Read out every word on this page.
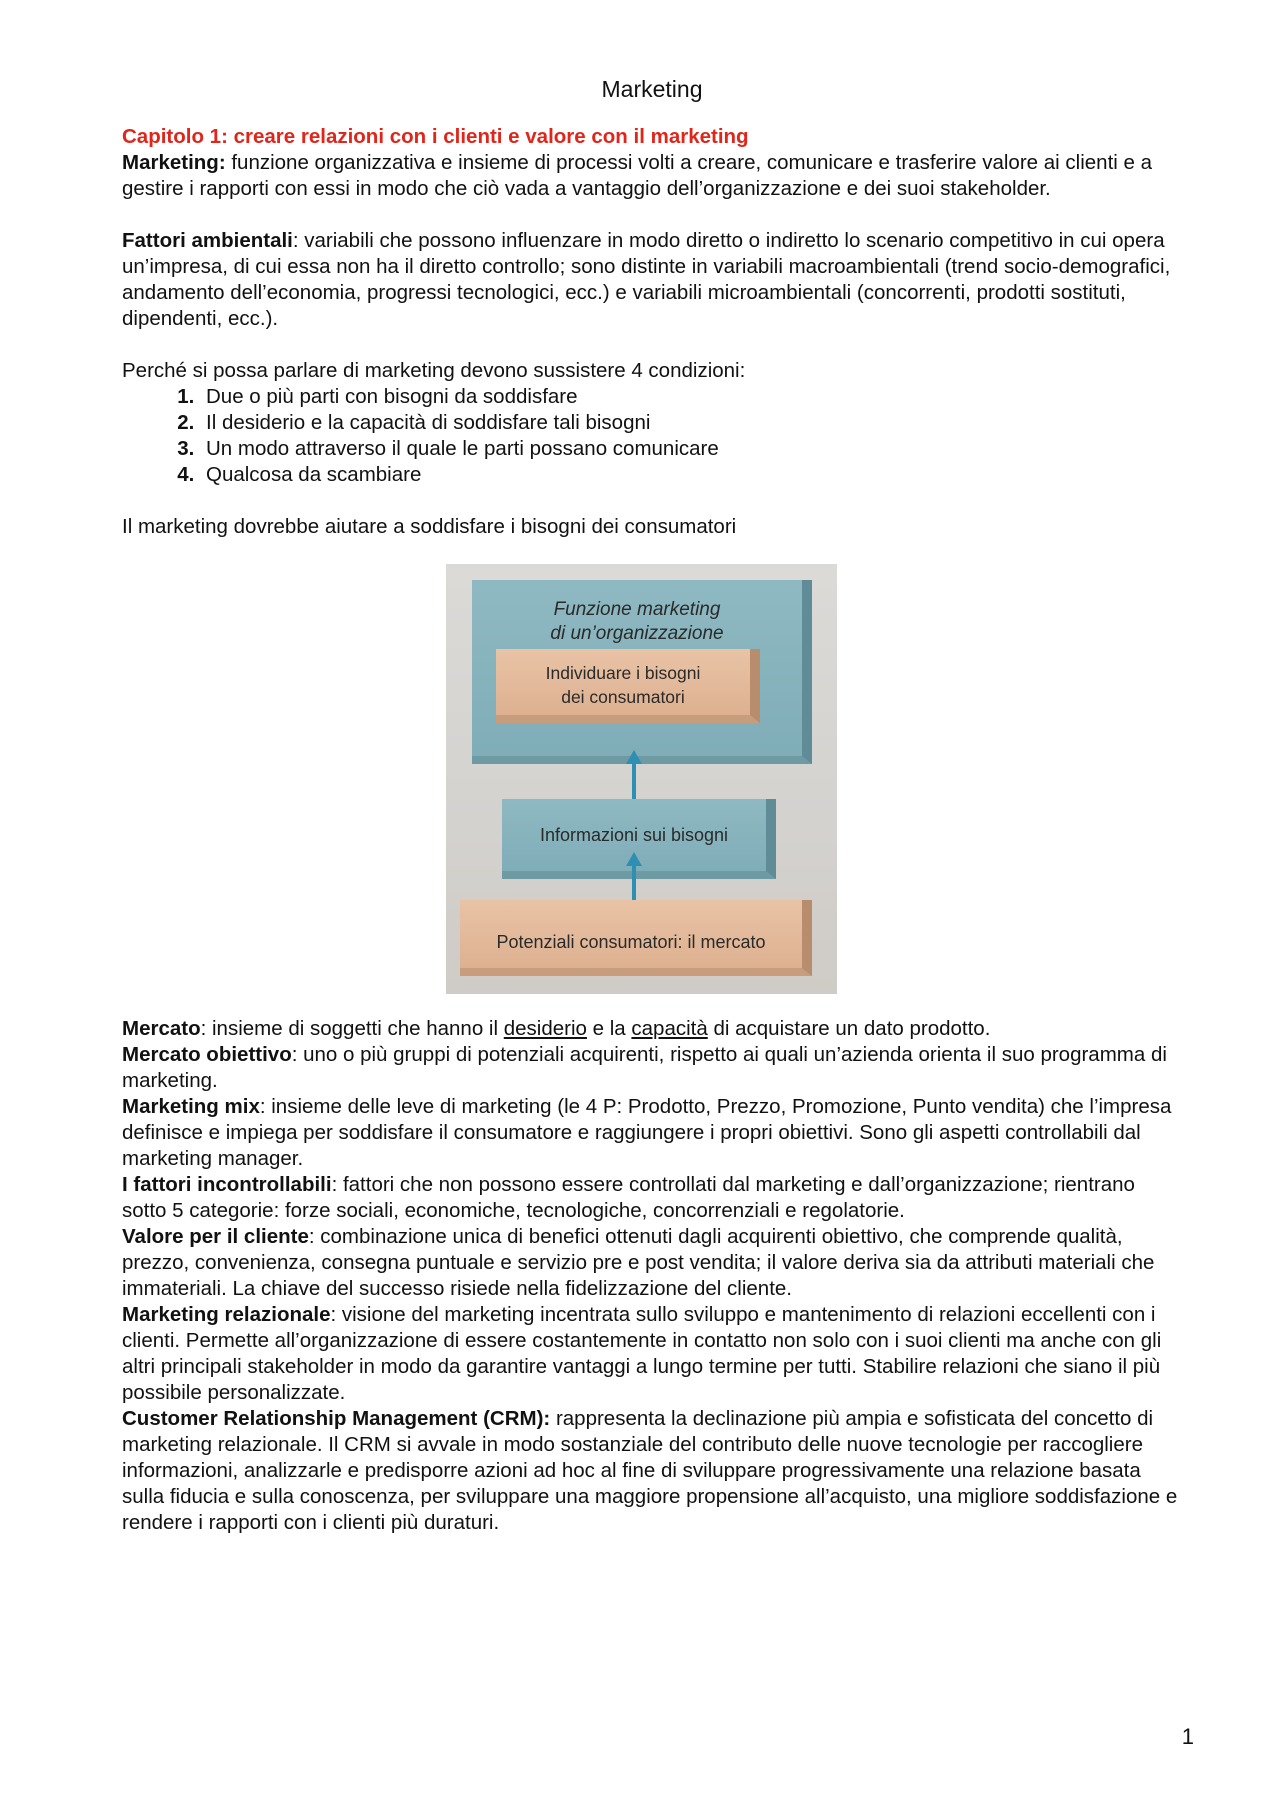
Marketing

Capitolo 1: creare relazioni con i clienti e valore con il marketing

Marketing: funzione organizzativa e insieme di processi volti a creare, comunicare e trasferire valore ai clienti e a gestire i rapporti con essi in modo che ciò vada a vantaggio dell’organizzazione e dei suoi stakeholder.

Fattori ambientali: variabili che possono influenzare in modo diretto o indiretto lo scenario competitivo in cui opera un’impresa, di cui essa non ha il diretto controllo; sono distinte in variabili macroambientali (trend socio-demografici, andamento dell’economia, progressi tecnologici, ecc.) e variabili microambientali (concorrenti, prodotti sostituti, dipendenti, ecc.).

Perché si possa parlare di marketing devono sussistere 4 condizioni:

1. Due o più parti con bisogni da soddisfare
2. Il desiderio e la capacità di soddisfare tali bisogni
3. Un modo attraverso il quale le parti possano comunicare
4. Qualcosa da scambiare

Il marketing dovrebbe aiutare a soddisfare i bisogni dei consumatori

Funzione marketing
di un’organizzazione
Individuare i bisogni
dei consumatori
Informazioni sui bisogni
Potenziali consumatori: il mercato

Mercato: insieme di soggetti che hanno il desiderio e la capacità di acquistare un dato prodotto.

Mercato obiettivo: uno o più gruppi di potenziali acquirenti, rispetto ai quali un’azienda orienta il suo programma di marketing.

Marketing mix: insieme delle leve di marketing (le 4 P: Prodotto, Prezzo, Promozione, Punto vendita) che l’impresa definisce e impiega per soddisfare il consumatore e raggiungere i propri obiettivi. Sono gli aspetti controllabili dal marketing manager.

I fattori incontrollabili: fattori che non possono essere controllati dal marketing e dall’organizzazione; rientrano sotto 5 categorie: forze sociali, economiche, tecnologiche, concorrenziali e regolatorie.

Valore per il cliente: combinazione unica di benefici ottenuti dagli acquirenti obiettivo, che comprende qualità, prezzo, convenienza, consegna puntuale e servizio pre e post vendita; il valore deriva sia da attributi materiali che immateriali. La chiave del successo risiede nella fidelizzazione del cliente.

Marketing relazionale: visione del marketing incentrata sullo sviluppo e mantenimento di relazioni eccellenti con i clienti. Permette all’organizzazione di essere costantemente in contatto non solo con i suoi clienti ma anche con gli altri principali stakeholder in modo da garantire vantaggi a lungo termine per tutti. Stabilire relazioni che siano il più possibile personalizzate.

Customer Relationship Management (CRM): rappresenta la declinazione più ampia e sofisticata del concetto di marketing relazionale. Il CRM si avvale in modo sostanziale del contributo delle nuove tecnologie per raccogliere informazioni, analizzarle e predisporre azioni ad hoc al fine di sviluppare progressivamente una relazione basata sulla fiducia e sulla conoscenza, per sviluppare una maggiore propensione all’acquisto, una migliore soddisfazione e rendere i rapporti con i clienti più duraturi.

1
